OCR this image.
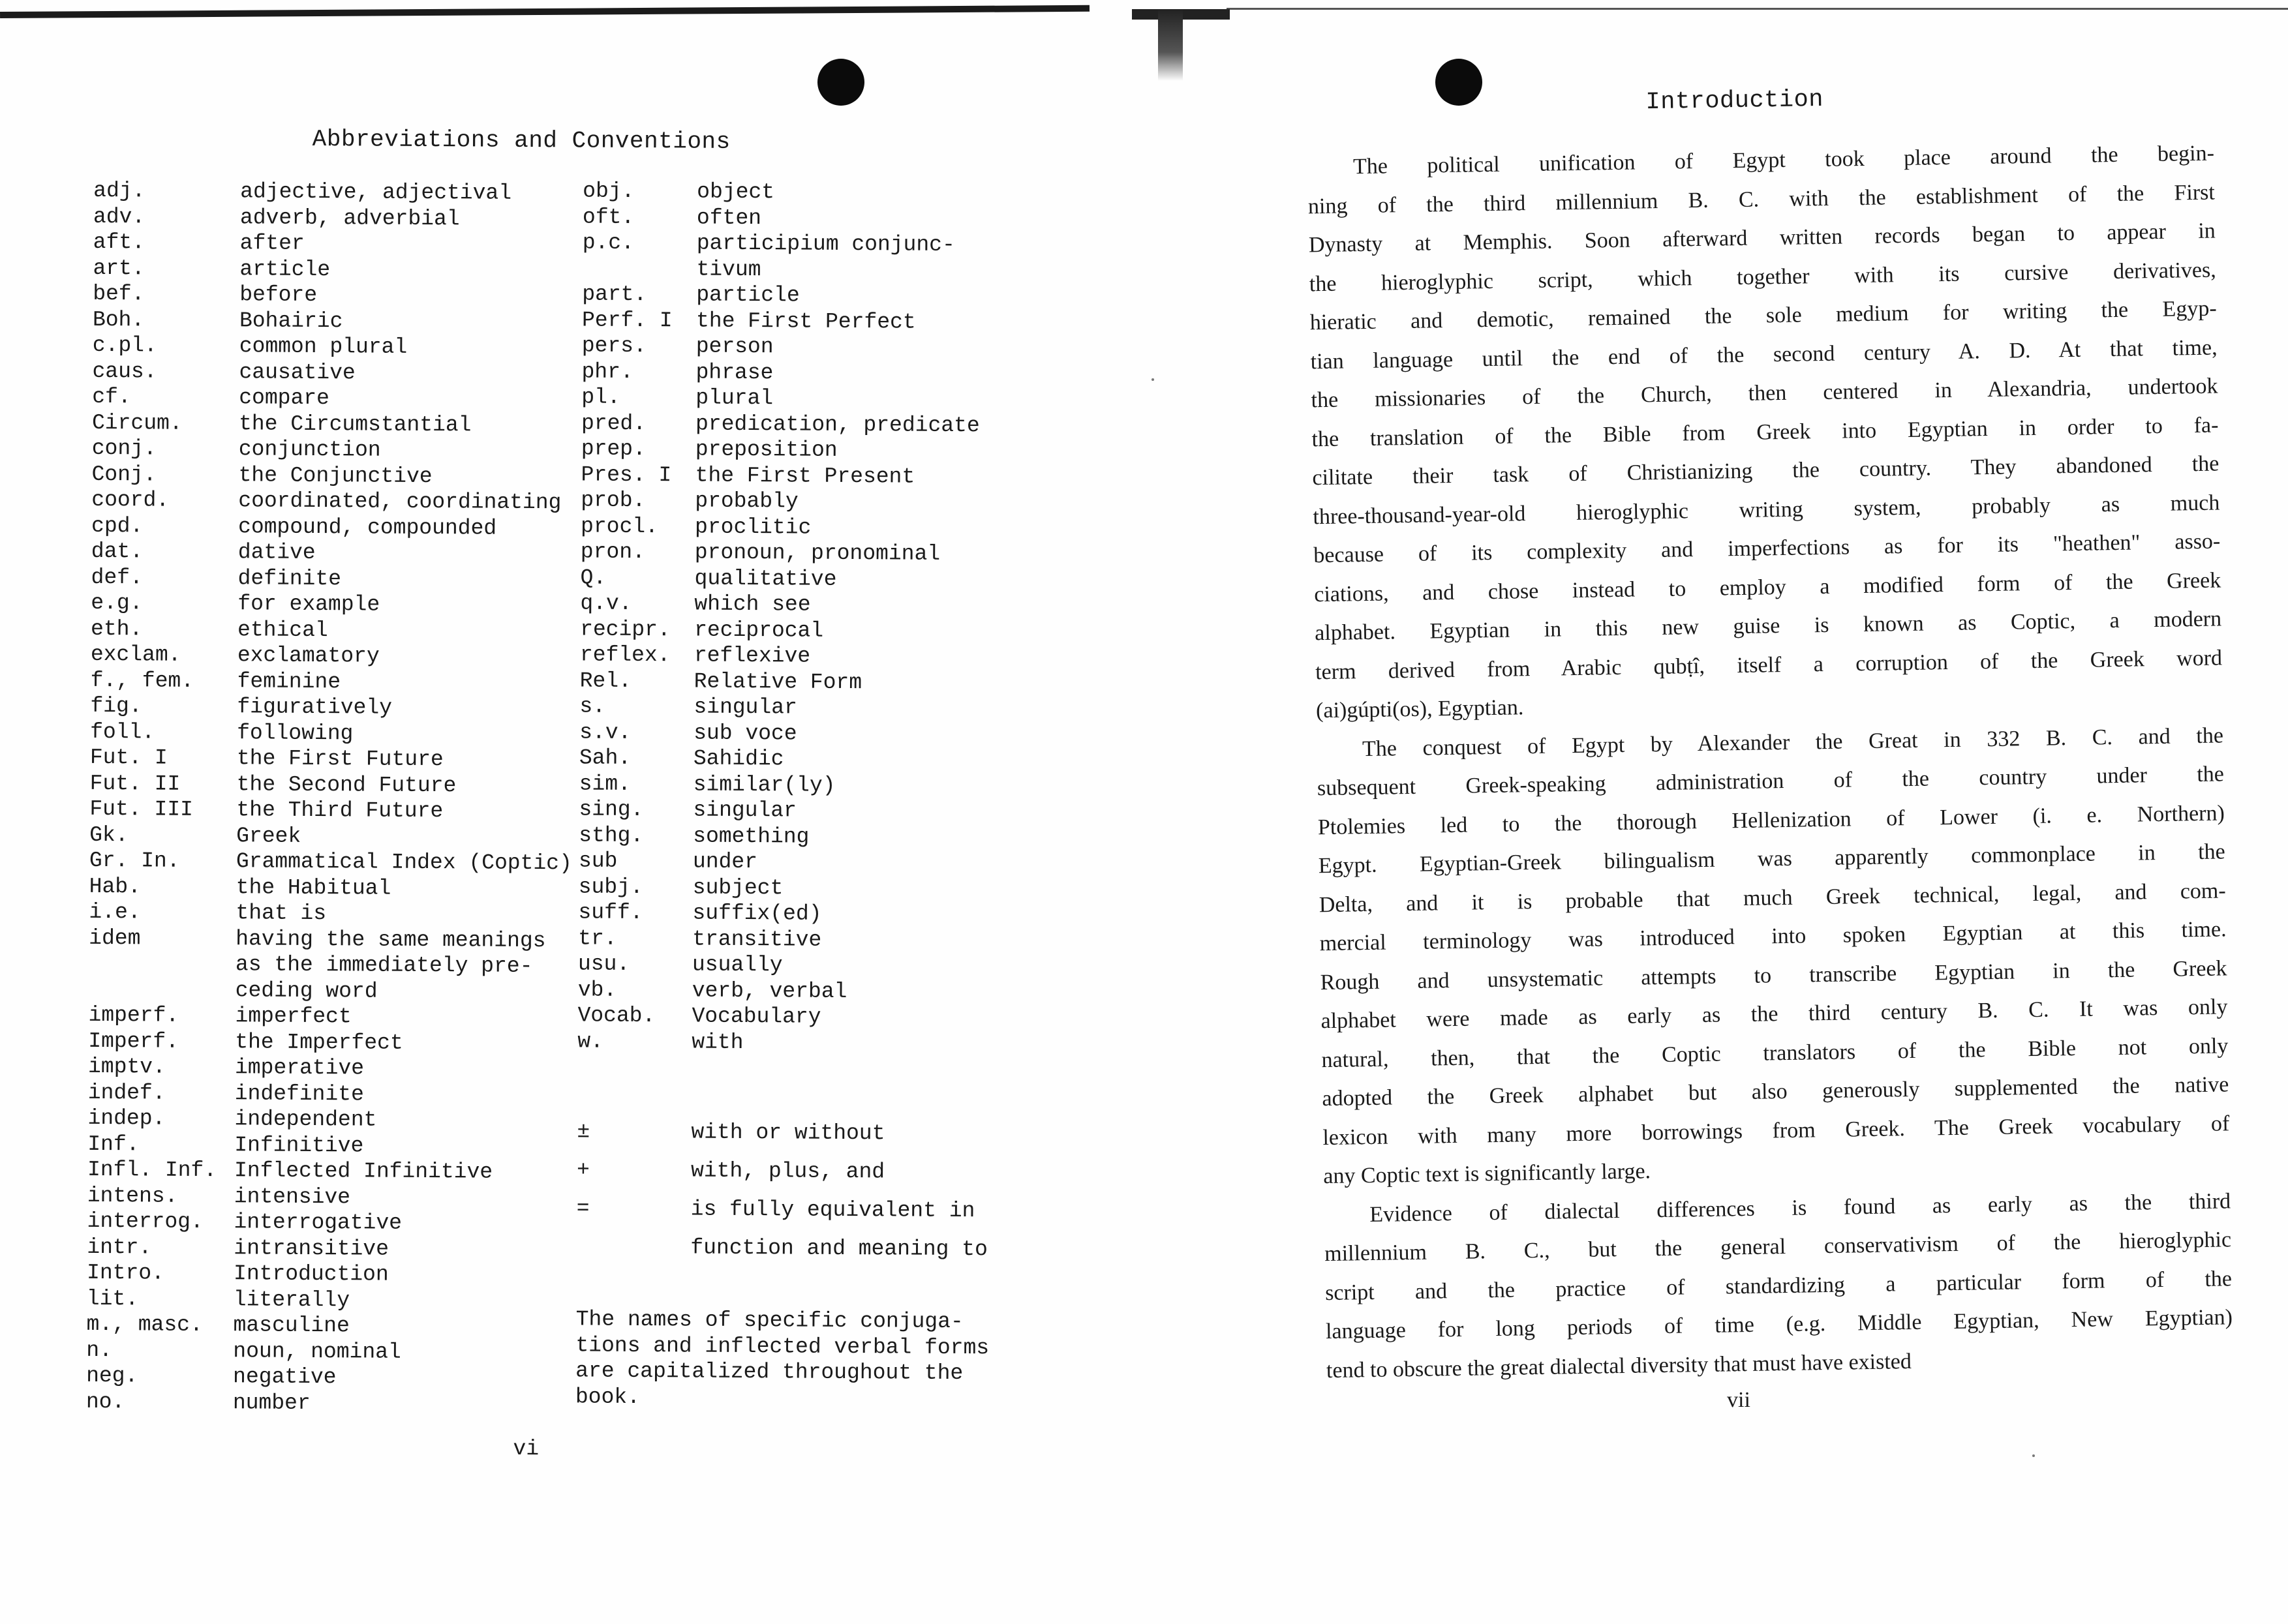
Abbreviations and Conventions
adj.	adjective, adjectival
adv.	adverb, adverbial
aft.	after
art.	article
bef.	before
Boh.	Bohairic
c.pl.	common plural
caus.	causative
cf.	compare
Circum.	the Circumstantial
conj.	conjunction
Conj.	the Conjunctive
coord.	coordinated, coordinating
cpd.	compound, compounded
dat.	dative
def.	definite
e.g.	for example
eth.	ethical
exclam.	exclamatory
f., fem.	feminine
fig.	figuratively
foll.	following
Fut. I	the First Future
Fut. II	the Second Future
Fut. III	the Third Future
Gk.	Greek
Gr. In.	Grammatical Index (Coptic)
Hab.	the Habitual
i.e.	that is
idem	having the same meanings
as the immediately pre-
ceding word
imperf.	imperfect
Imperf.	the Imperfect
imptv.	imperative
indef.	indefinite
indep.	independent
Inf.	Infinitive
Infl. Inf. Inflected Infinitive
intens.	intensive
interrog.	interrogative
intr.	intransitive
Intro.	Introduction
lit.	literally
m., masc.	masculine
n.	noun, nominal
neg.	negative
no.	number
obj.	object
oft.	often
p.c.	participium conjunc-
tivum
part.	particle
Perf. I	the First Perfect
pers.	person
phr.	phrase
pl.	plural
pred.	predication, predicate
prep.	preposition
Pres. I	the First Present
prob.	probably
procl.	proclitic
pron.	pronoun, pronominal
Q.	qualitative
q.v.	which see
recipr.	reciprocal
reflex.	reflexive
Rel.	Relative Form
s.	singular
s.v.	sub voce
Sah.	Sahidic
sim.	similar(ly)
sing.	singular
sthg.	something
sub	under
subj.	subject
suff.	suffix(ed)
tr.	transitive
usu.	usually
vb.	verb, verbal
Vocab.	Vocabulary
w.	with
±	with or without
+	with, plus, and
=	is fully equivalent in
function and meaning to

The names of specific conjuga- tions and inflected verbal forms are capitalized throughout the book.

vi
Introduction
The political unification of Egypt took place around the begin-
ning of the third millennium B. C. with the establishment of the First
Dynasty at Memphis. Soon afterward written records began to appear in
the hieroglyphic script, which together with its cursive derivatives,
hieratic and demotic, remained the sole medium for writing the Egyp-
tian language until the end of the second century A. D. At that time,
the missionaries of the Church, then centered in Alexandria, undertook
the translation of the Bible from Greek into Egyptian in order to fa-
cilitate their task of Christianizing the country. They abandoned the
three-thousand-year-old hieroglyphic writing system, probably as much
because of its complexity and imperfections as for its "heathen" asso-
ciations, and chose instead to employ a modified form of the Greek
alphabet. Egyptian in this new guise is known as Coptic, a modern
term derived from Arabic qubṭî, itself a corruption of the Greek word
(ai)gúpti(os), Egyptian.
The conquest of Egypt by Alexander the Great in 332 B. C. and the
subsequent Greek-speaking administration of the country under the
Ptolemies led to the thorough Hellenization of Lower (i. e. Northern)
Egypt. Egyptian-Greek bilingualism was apparently commonplace in the
Delta, and it is probable that much Greek technical, legal, and com-
mercial terminology was introduced into spoken Egyptian at this time.
Rough and unsystematic attempts to transcribe Egyptian in the Greek
alphabet were made as early as the third century B. C. It was only
natural, then, that the Coptic translators of the Bible not only
adopted the Greek alphabet but also generously supplemented the native
lexicon with many more borrowings from Greek. The Greek vocabulary of
any Coptic text is significantly large.
Evidence of dialectal differences is found as early as the third
millennium B. C., but the general conservativism of the hieroglyphic
script and the practice of standardizing a particular form of the
language for long periods of time (e.g. Middle Egyptian, New Egyptian)
tend to obscure the great dialectal diversity that must have existed
vii
